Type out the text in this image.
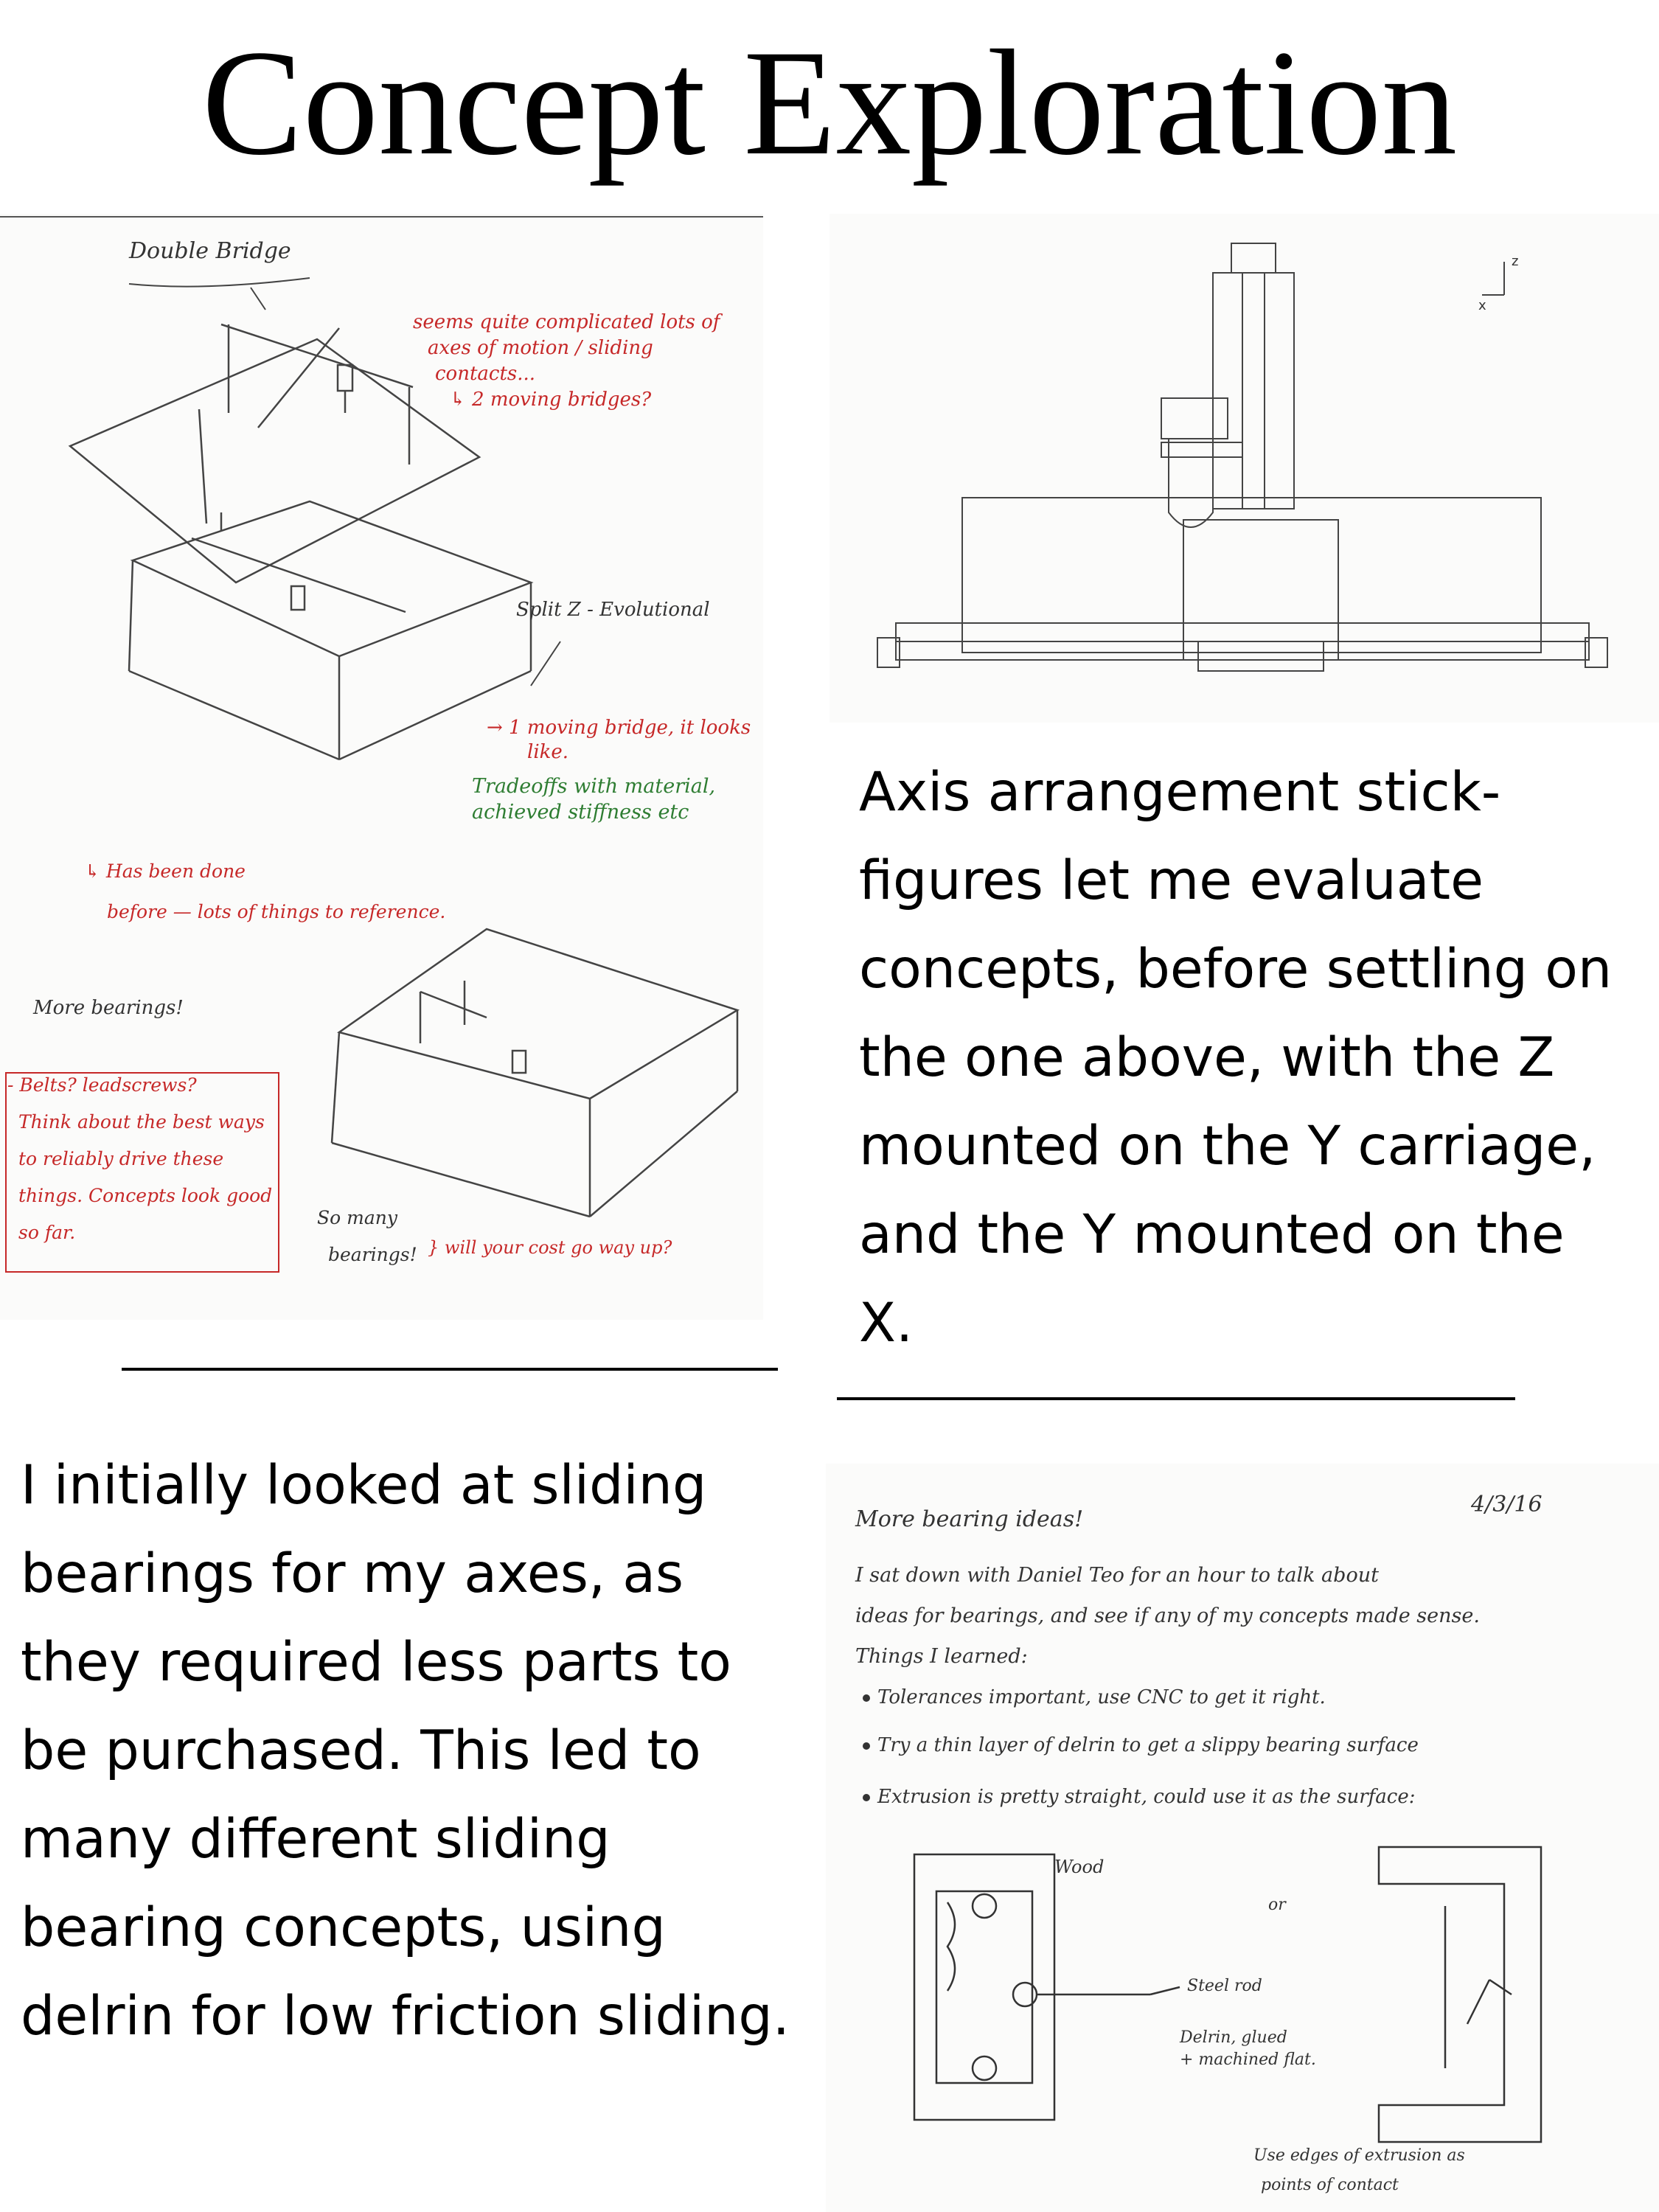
Concept Exploration
Double Bridge
seems quite complicated lots of
axes of motion / sliding
contacts...
↳ 2 moving bridges?
Split Z - Evolutional
→ 1 moving bridge, it looks
like.
Tradeoffs with material,
achieved stiffness etc
↳ Has been done
before — lots of things to reference.
More bearings!
- Belts? leadscrews?
Think about the best ways
to reliably drive these
things. Concepts look good
so far.
So many
bearings! } will your cost go way up?
z
x
Axis arrangement stick-figures let me evaluate concepts, before settling on the one above, with the Z mounted on the Y carriage, and the Y mounted on the X.
I initially looked at sliding bearings for my axes, as they required less parts to be purchased. This led to many different sliding bearing concepts, using delrin for low friction sliding.
More bearing ideas!
4/3/16
I sat down with Daniel Teo for an hour to talk about
ideas for bearings, and see if any of my concepts made sense.
Things I learned:
Tolerances important, use CNC to get it right.
Try a thin layer of delrin to get a slippy bearing surface
Extrusion is pretty straight, could use it as the surface:
Wood
or
Steel rod
Delrin, glued
+ machined flat.
Use edges of extrusion as
points of contact
